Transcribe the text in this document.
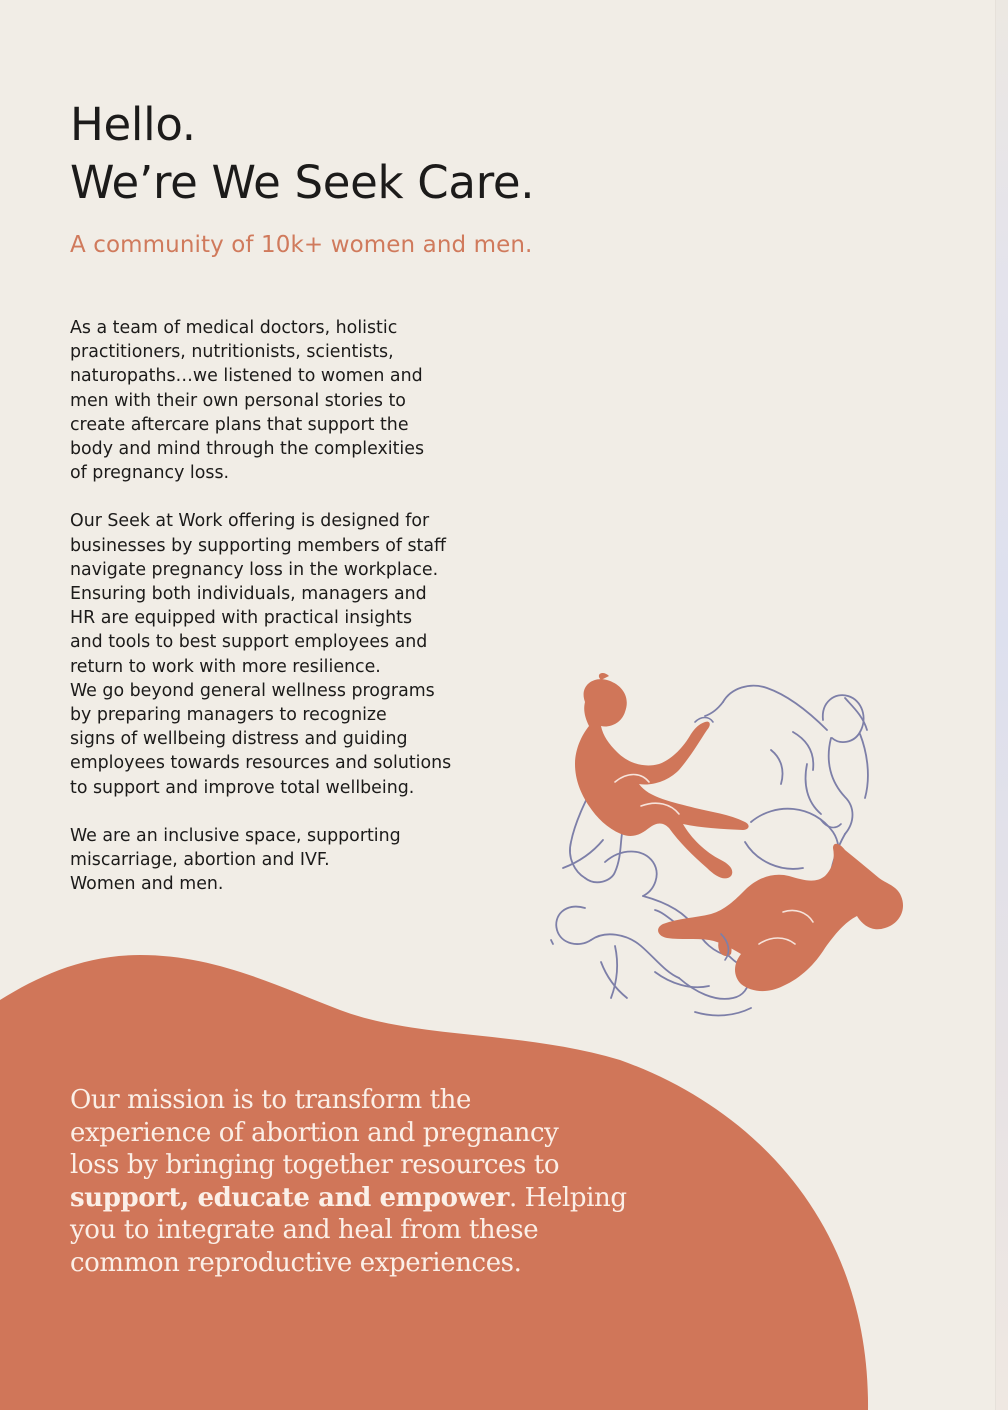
Hello.
We’re We Seek Care.

A community of 10k+ women and men.

As a team of medical doctors, holistic
practitioners, nutritionists, scientists,
naturopaths…we listened to women and
men with their own personal stories to
create aftercare plans that support the
body and mind through the complexities
of pregnancy loss.

Our Seek at Work offering is designed for
businesses by supporting members of staff
navigate pregnancy loss in the workplace.
Ensuring both individuals, managers and
HR are equipped with practical insights
and tools to best support employees and
return to work with more resilience.
We go beyond general wellness programs
by preparing managers to recognize
signs of wellbeing distress and guiding
employees towards resources and solutions
to support and improve total wellbeing.

We are an inclusive space, supporting
miscarriage, abortion and IVF.
Women and men.

Our mission is to transform the
experience of abortion and pregnancy
loss by bringing together resources to
support, educate and empower. Helping
you to integrate and heal from these
common reproductive experiences.
